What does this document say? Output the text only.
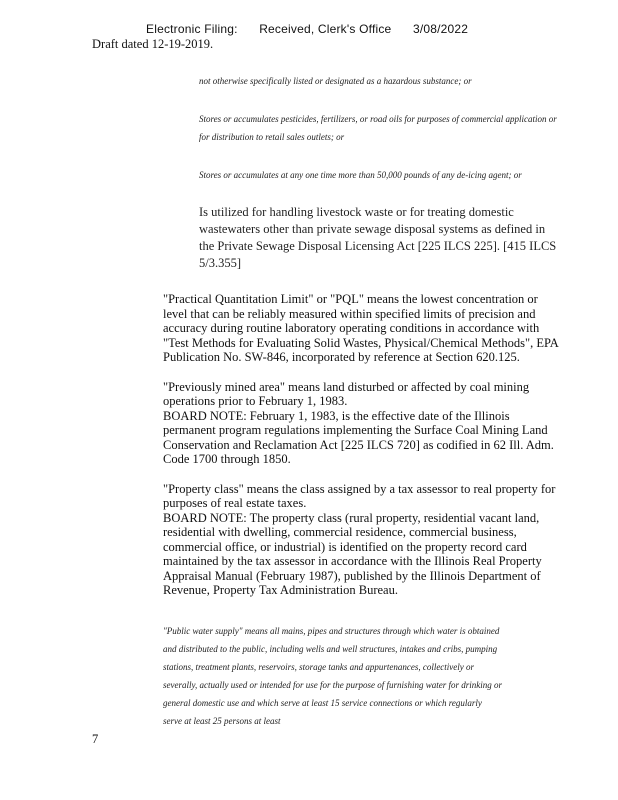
Electronic Filing: Received, Clerk's Office 3/08/2022
Draft dated 12-19-2019.

not otherwise specifically listed or designated as a hazardous substance; or

Stores or accumulates pesticides, fertilizers, or road oils for purposes of commercial application or for distribution to retail sales outlets; or

Stores or accumulates at any one time more than 50,000 pounds of any de-icing agent; or

Is utilized for handling livestock waste or for treating domestic wastewaters other than private sewage disposal systems as defined in the Private Sewage Disposal Licensing Act [225 ILCS 225]. [415 ILCS 5/3.355]

"Practical Quantitation Limit" or "PQL" means the lowest concentration or level that can be reliably measured within specified limits of precision and accuracy during routine laboratory operating conditions in accordance with "Test Methods for Evaluating Solid Wastes, Physical/Chemical Methods", EPA Publication No. SW-846, incorporated by reference at Section 620.125.

"Previously mined area" means land disturbed or affected by coal mining operations prior to February 1, 1983.

BOARD NOTE: February 1, 1983, is the effective date of the Illinois permanent program regulations implementing the Surface Coal Mining Land Conservation and Reclamation Act [225 ILCS 720] as codified in 62 Ill. Adm. Code 1700 through 1850.

"Property class" means the class assigned by a tax assessor to real property for purposes of real estate taxes.

BOARD NOTE: The property class (rural property, residential vacant land, residential with dwelling, commercial residence, commercial business, commercial office, or industrial) is identified on the property record card maintained by the tax assessor in accordance with the Illinois Real Property Appraisal Manual (February 1987), published by the Illinois Department of Revenue, Property Tax Administration Bureau.

"Public water supply" means all mains, pipes and structures through which water is obtained and distributed to the public, including wells and well structures, intakes and cribs, pumping stations, treatment plants, reservoirs, storage tanks and appurtenances, collectively or severally, actually used or intended for use for the purpose of furnishing water for drinking or general domestic use and which serve at least 15 service connections or which regularly serve at least 25 persons at least

7
